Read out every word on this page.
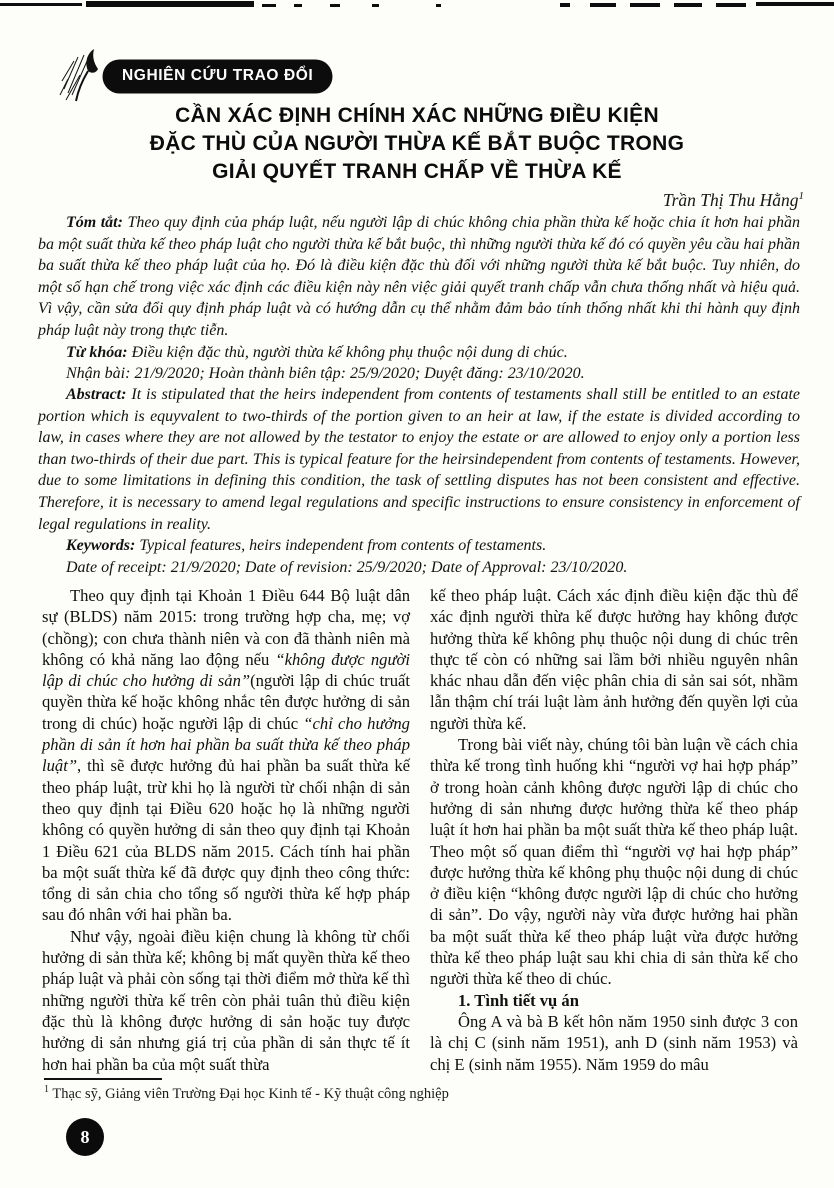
NGHIÊN CỨU TRAO ĐỔI
CẦN XÁC ĐỊNH CHÍNH XÁC NHỮNG ĐIỀU KIỆN
ĐẶC THÙ CỦA NGƯỜI THỪA KẾ BẮT BUỘC TRONG
GIẢI QUYẾT TRANH CHẤP VỀ THỪA KẾ
Trần Thị Thu Hằng$^1$

Tóm tắt: Theo quy định của pháp luật, nếu người lập di chúc không chia phần thừa kế hoặc chia ít hơn hai phần ba một suất thừa kế theo pháp luật cho người thừa kế bắt buộc, thì những người thừa kế đó có quyền yêu cầu hai phần ba suất thừa kế theo pháp luật của họ. Đó là điều kiện đặc thù đối với những người thừa kế bắt buộc. Tuy nhiên, do một số hạn chế trong việc xác định các điều kiện này nên việc giải quyết tranh chấp vẫn chưa thống nhất và hiệu quả. Vì vậy, cần sửa đổi quy định pháp luật và có hướng dẫn cụ thể nhằm đảm bảo tính thống nhất khi thi hành quy định pháp luật này trong thực tiễn.

Từ khóa: Điều kiện đặc thù, người thừa kế không phụ thuộc nội dung di chúc.

Nhận bài: 21/9/2020; Hoàn thành biên tập: 25/9/2020; Duyệt đăng: 23/10/2020.

Abstract: It is stipulated that the heirs independent from contents of testaments shall still be entitled to an estate portion which is equyvalent to two-thirds of the portion given to an heir at law, if the estate is divided according to law, in cases where they are not allowed by the testator to enjoy the estate or are allowed to enjoy only a portion less than two-thirds of their due part. This is typical feature for the heirsindependent from contents of testaments. However, due to some limitations in defining this condition, the task of settling disputes has not been consistent and effective. Therefore, it is necessary to amend legal regulations and specific instructions to ensure consistency in enforcement of legal regulations in reality.

Keywords: Typical features, heirs independent from contents of testaments.

Date of receipt: 21/9/2020; Date of revision: 25/9/2020; Date of Approval: 23/10/2020.

Theo quy định tại Khoản 1 Điều 644 Bộ luật dân sự (BLDS) năm 2015: trong trường hợp cha, mẹ; vợ (chồng); con chưa thành niên và con đã thành niên mà không có khả năng lao động nếu “không được người lập di chúc cho hưởng di sản”(người lập di chúc truất quyền thừa kế hoặc không nhắc tên được hưởng di sản trong di chúc) hoặc người lập di chúc “chỉ cho hưởng phần di sản ít hơn hai phần ba suất thừa kế theo pháp luật”, thì sẽ được hưởng đủ hai phần ba suất thừa kế theo pháp luật, trừ khi họ là người từ chối nhận di sản theo quy định tại Điều 620 hoặc họ là những người không có quyền hưởng di sản theo quy định tại Khoản 1 Điều 621 của BLDS năm 2015. Cách tính hai phần ba một suất thừa kế đã được quy định theo công thức: tổng di sản chia cho tổng số người thừa kế hợp pháp sau đó nhân với hai phần ba.

Như vậy, ngoài điều kiện chung là không từ chối hưởng di sản thừa kế; không bị mất quyền thừa kế theo pháp luật và phải còn sống tại thời điểm mở thừa kế thì những người thừa kế trên còn phải tuân thủ điều kiện đặc thù là không được hưởng di sản hoặc tuy được hưởng di sản nhưng giá trị của phần di sản thực tế ít hơn hai phần ba của một suất thừa

kế theo pháp luật. Cách xác định điều kiện đặc thù để xác định người thừa kế được hưởng hay không được hưởng thừa kế không phụ thuộc nội dung di chúc trên thực tế còn có những sai lầm bởi nhiều nguyên nhân khác nhau dẫn đến việc phân chia di sản sai sót, nhầm lẫn thậm chí trái luật làm ảnh hưởng đến quyền lợi của người thừa kế.

Trong bài viết này, chúng tôi bàn luận về cách chia thừa kế trong tình huống khi “người vợ hai hợp pháp” ở trong hoàn cảnh không được người lập di chúc cho hưởng di sản nhưng được hưởng thừa kế theo pháp luật ít hơn hai phần ba một suất thừa kế theo pháp luật. Theo một số quan điểm thì “người vợ hai hợp pháp” được hưởng thừa kế không phụ thuộc nội dung di chúc ở điều kiện “không được người lập di chúc cho hưởng di sản”. Do vậy, người này vừa được hưởng hai phần ba một suất thừa kế theo pháp luật vừa được hưởng thừa kế theo pháp luật sau khi chia di sản thừa kế cho người thừa kế theo di chúc.

1. Tình tiết vụ án

Ông A và bà B kết hôn năm 1950 sinh được 3 con là chị C (sinh năm 1951), anh D (sinh năm 1953) và chị E (sinh năm 1955). Năm 1959 do mâu

$^1$ Thạc sỹ, Giảng viên Trường Đại học Kinh tế - Kỹ thuật công nghiệp
8
